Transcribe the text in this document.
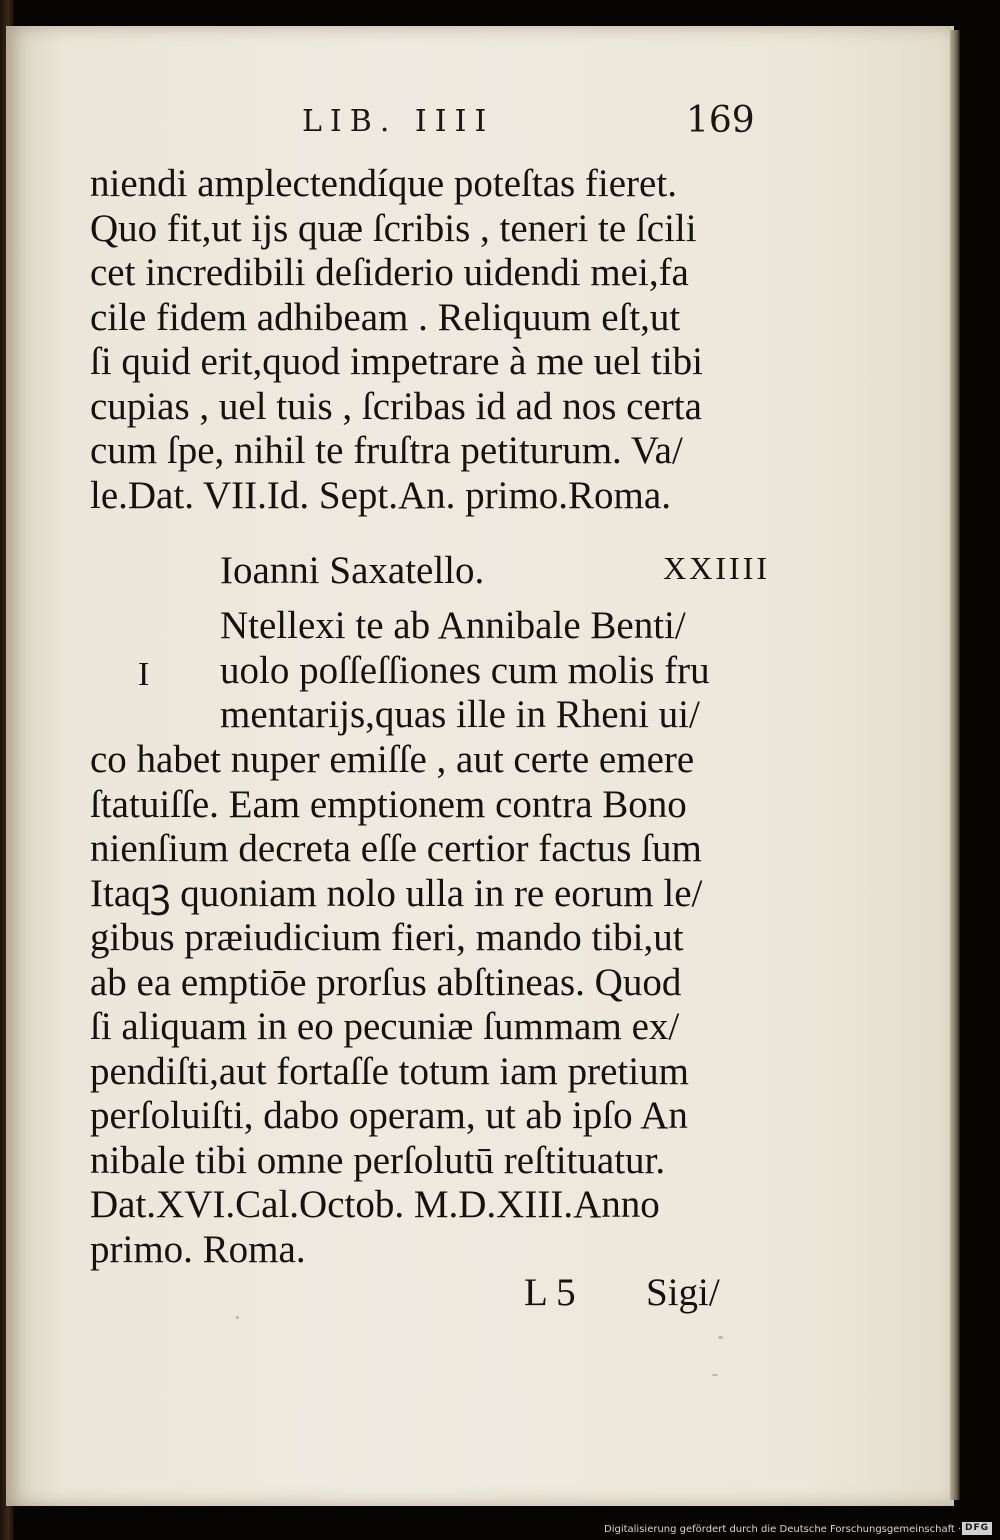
LIB. IIII	169
niendi amplectendíque poteſtas fieret.
Quo fit,ut ijs quæ ſcribis , teneri te ſcili
cet incredibili deſiderio uidendi mei,fa
cile fidem adhibeam . Reliquum eſt,ut
ſi quid erit,quod impetrare à me uel tibi
cupias , uel tuis , ſcribas id ad nos certa
cum ſpe, nihil te fruſtra petiturum. Va/
le.Dat. VII.Id. Sept.An. primo.Roma.
Ioanni Saxatello.	XXIIII
I
Ntellexi te ab Annibale Benti/
uolo poſſeſſiones cum molis fru
mentarijs,quas ille in Rheni ui/
co habet nuper emiſſe , aut certe emere
ſtatuiſſe. Eam emptionem contra Bono
nienſium decreta eſſe certior factus ſum
Itaqꝫ quoniam nolo ulla in re eorum le/
gibus præiudicium fieri, mando tibi,ut
ab ea emptiōe prorſus abſtineas. Quod
ſi aliquam in eo pecuniæ ſummam ex/
pendiſti,aut fortaſſe totum iam pretium
perſoluiſti, dabo operam, ut ab ipſo An
nibale tibi omne perſolutū reſtituatur.
Dat.XVI.Cal.Octob. M.D.XIII.Anno
primo. Roma.
L 5 Sigi/
Digitalisierung gefördert durch die Deutsche Forschungsgemeinschaft · DFG
